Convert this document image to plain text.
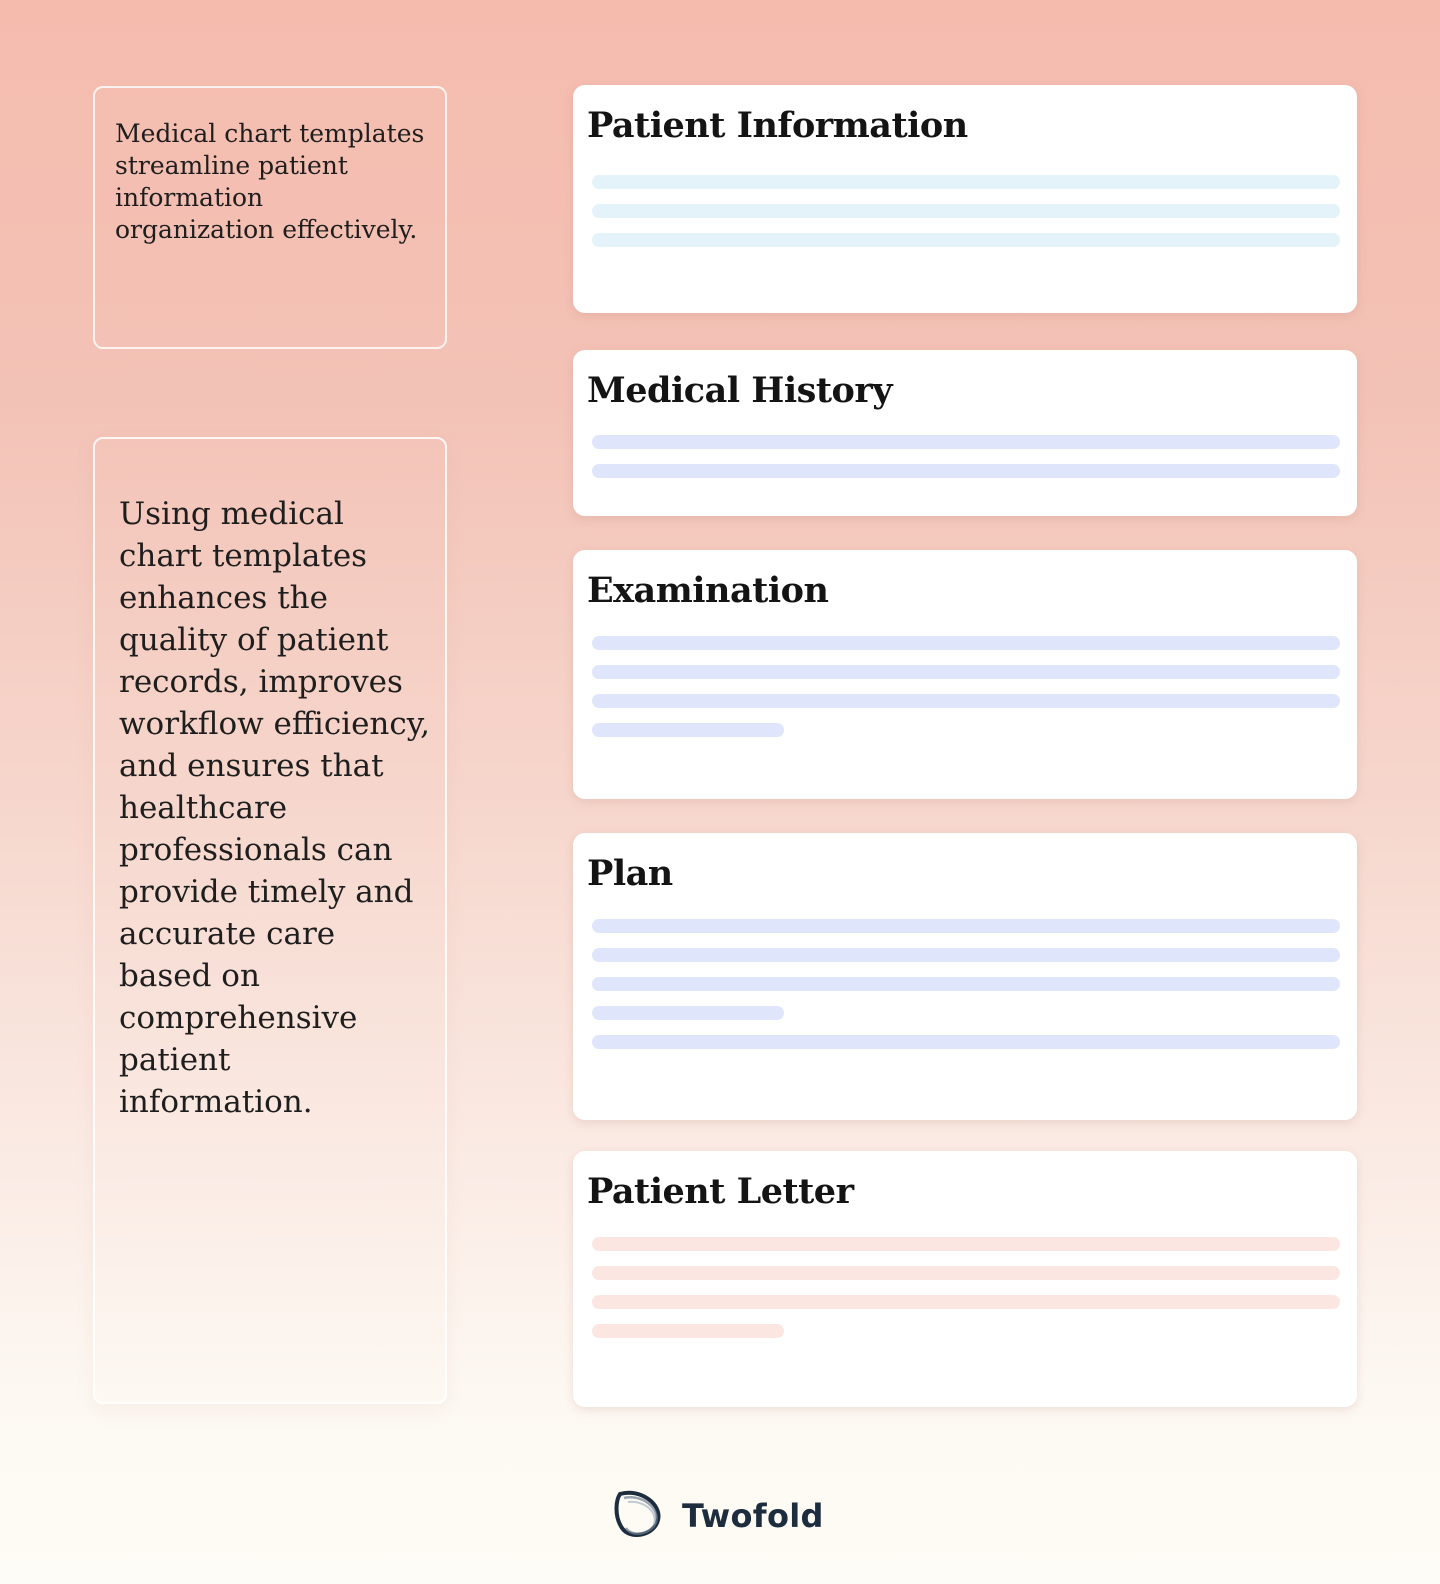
Medical chart templates streamline patient information organization effectively.
Using medical chart templates enhances the quality of patient records, improves workflow efficiency, and ensures that healthcare professionals can provide timely and accurate care based on comprehensive patient information.
Patient Information
Medical History
Examination
Plan
Patient Letter
Twofold
